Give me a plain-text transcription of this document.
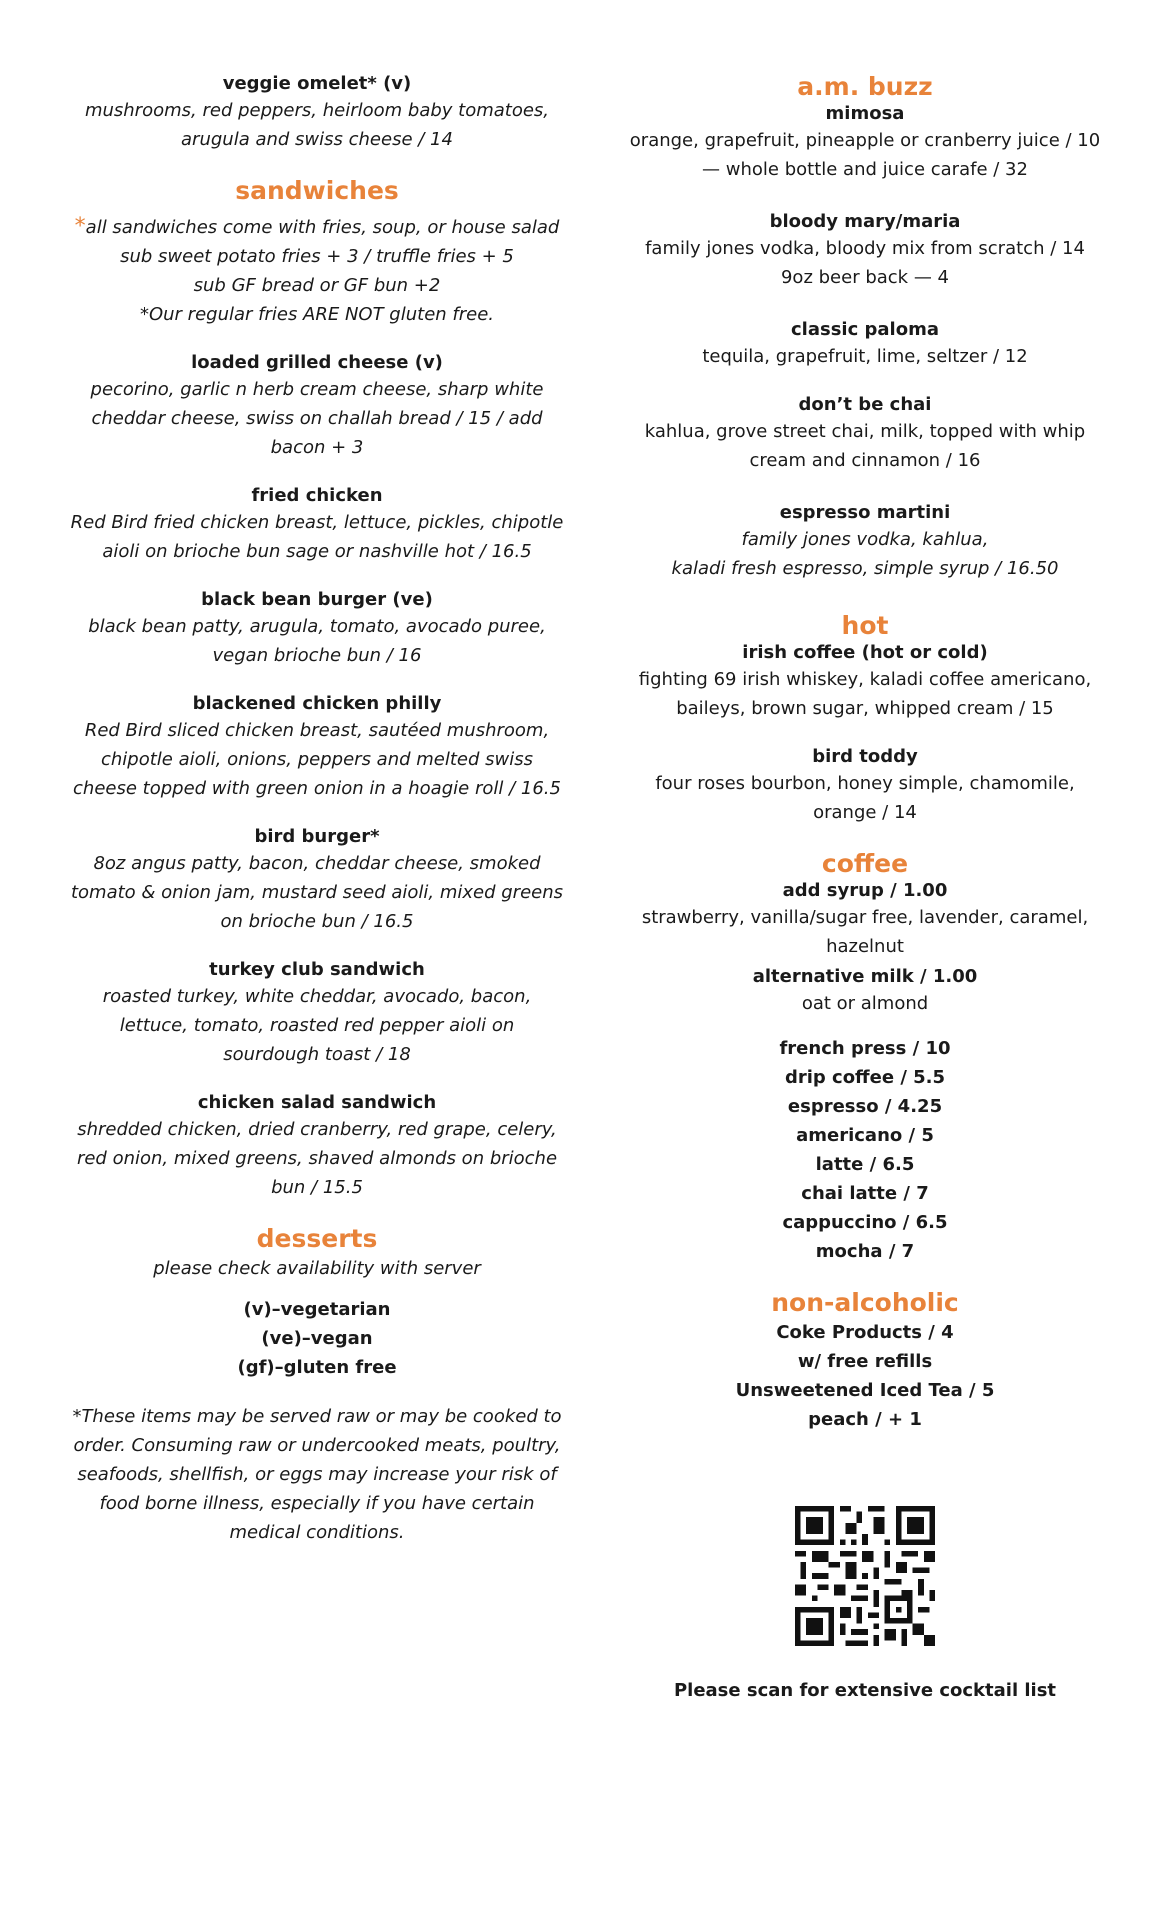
veggie omelet* (v)
mushrooms, red peppers, heirloom baby tomatoes,
arugula and swiss cheese / 14
sandwiches
*all sandwiches come with fries, soup, or house salad
sub sweet potato fries + 3 / truffle fries + 5
sub GF bread or GF bun +2
*Our regular fries ARE NOT gluten free.
loaded grilled cheese (v)
pecorino, garlic n herb cream cheese, sharp white
cheddar cheese, swiss on challah bread / 15 / add
bacon + 3
fried chicken
Red Bird fried chicken breast, lettuce, pickles, chipotle
aioli on brioche bun sage or nashville hot / 16.5
black bean burger (ve)
black bean patty, arugula, tomato, avocado puree,
vegan brioche bun / 16
blackened chicken philly
Red Bird sliced chicken breast, sautéed mushroom,
chipotle aioli, onions, peppers and melted swiss
cheese topped with green onion in a hoagie roll / 16.5
bird burger*
8oz angus patty, bacon, cheddar cheese, smoked
tomato & onion jam, mustard seed aioli, mixed greens
on brioche bun / 16.5
turkey club sandwich
roasted turkey, white cheddar, avocado, bacon,
lettuce, tomato, roasted red pepper aioli on
sourdough toast / 18
chicken salad sandwich
shredded chicken, dried cranberry, red grape, celery,
red onion, mixed greens, shaved almonds on brioche
bun / 15.5
desserts
please check availability with server
(v)–vegetarian
(ve)–vegan
(gf)–gluten free
*These items may be served raw or may be cooked to
order. Consuming raw or undercooked meats, poultry,
seafoods, shellfish, or eggs may increase your risk of
food borne illness, especially if you have certain
medical conditions.
a.m. buzz
mimosa
orange, grapefruit, pineapple or cranberry juice / 10
— whole bottle and juice carafe / 32
bloody mary/maria
family jones vodka, bloody mix from scratch / 14
9oz beer back — 4
classic paloma
tequila, grapefruit, lime, seltzer / 12
don’t be chai
kahlua, grove street chai, milk, topped with whip
cream and cinnamon / 16
espresso martini
family jones vodka, kahlua,
kaladi fresh espresso, simple syrup / 16.50
hot
irish coffee (hot or cold)
fighting 69 irish whiskey, kaladi coffee americano,
baileys, brown sugar, whipped cream / 15
bird toddy
four roses bourbon, honey simple, chamomile,
orange / 14
coffee
add syrup / 1.00
strawberry, vanilla/sugar free, lavender, caramel,
hazelnut
alternative milk / 1.00
oat or almond
french press / 10
drip coffee / 5.5
espresso / 4.25
americano / 5
latte / 6.5
chai latte / 7
cappuccino / 6.5
mocha / 7
non-alcoholic
Coke Products / 4
w/ free refills
Unsweetened Iced Tea / 5
peach / + 1
Please scan for extensive cocktail list
